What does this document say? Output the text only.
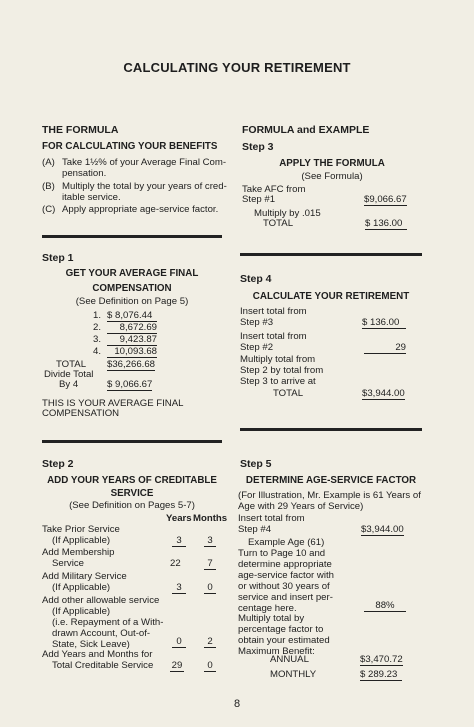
CALCULATING YOUR RETIREMENT
THE FORMULA
FOR CALCULATING YOUR BENEFITS
(A) Take 1½% of your Average Final Com-
pensation.
(B) Multiply the total by your years of cred-
itable service.
(C) Apply appropriate age-service factor.
Step 1
GET YOUR AVERAGE FINAL
COMPENSATION
(See Definition on Page 5)
1. $ 8,076.44
2.	8,672.69
3.	9,423.87
4.	10,093.68
TOTAL $36,266.68
Divide Total
By 4	$ 9,066.67
THIS IS YOUR AVERAGE FINAL
COMPENSATION
Step 2
ADD YOUR YEARS OF CREDITABLE
SERVICE
(See Definition on Pages 5-7)
Years Months
Take Prior Service
(If Applicable)	3	3
Add Membership
Service	22	7
Add Military Service
(If Applicable)	3	0
Add other allowable service
(If Applicable)
(i.e. Repayment of a With-
drawn Account, Out-of-
State, Sick Leave)	0	2
Add Years and Months for
Total Creditable Service 29	0
FORMULA and EXAMPLE
Step 3
APPLY THE FORMULA
(See Formula)
Take AFC from
Step #1	$9,066.67
Multiply by .015
TOTAL	$ 136.00
Step 4
CALCULATE YOUR RETIREMENT
Insert total from
Step #3	$ 136.00
Insert total from
Step #2	29
Multiply total from
Step 2 by total from
Step 3 to arrive at
TOTAL	$3,944.00
Step 5
DETERMINE AGE-SERVICE FACTOR
(For Illustration, Mr. Example is 61 Years of
Age with 29 Years of Service)
Insert total from
Step #4	$3,944.00
Example Age (61)
Turn to Page 10 and
determine appropriate
age-service factor with
or without 30 years of
service and insert per-
centage here.	88%
Multiply total by
percentage factor to
obtain your estimated
Maximum Benefit:
ANNUAL	$3,470.72
MONTHLY	$ 289.23
8
